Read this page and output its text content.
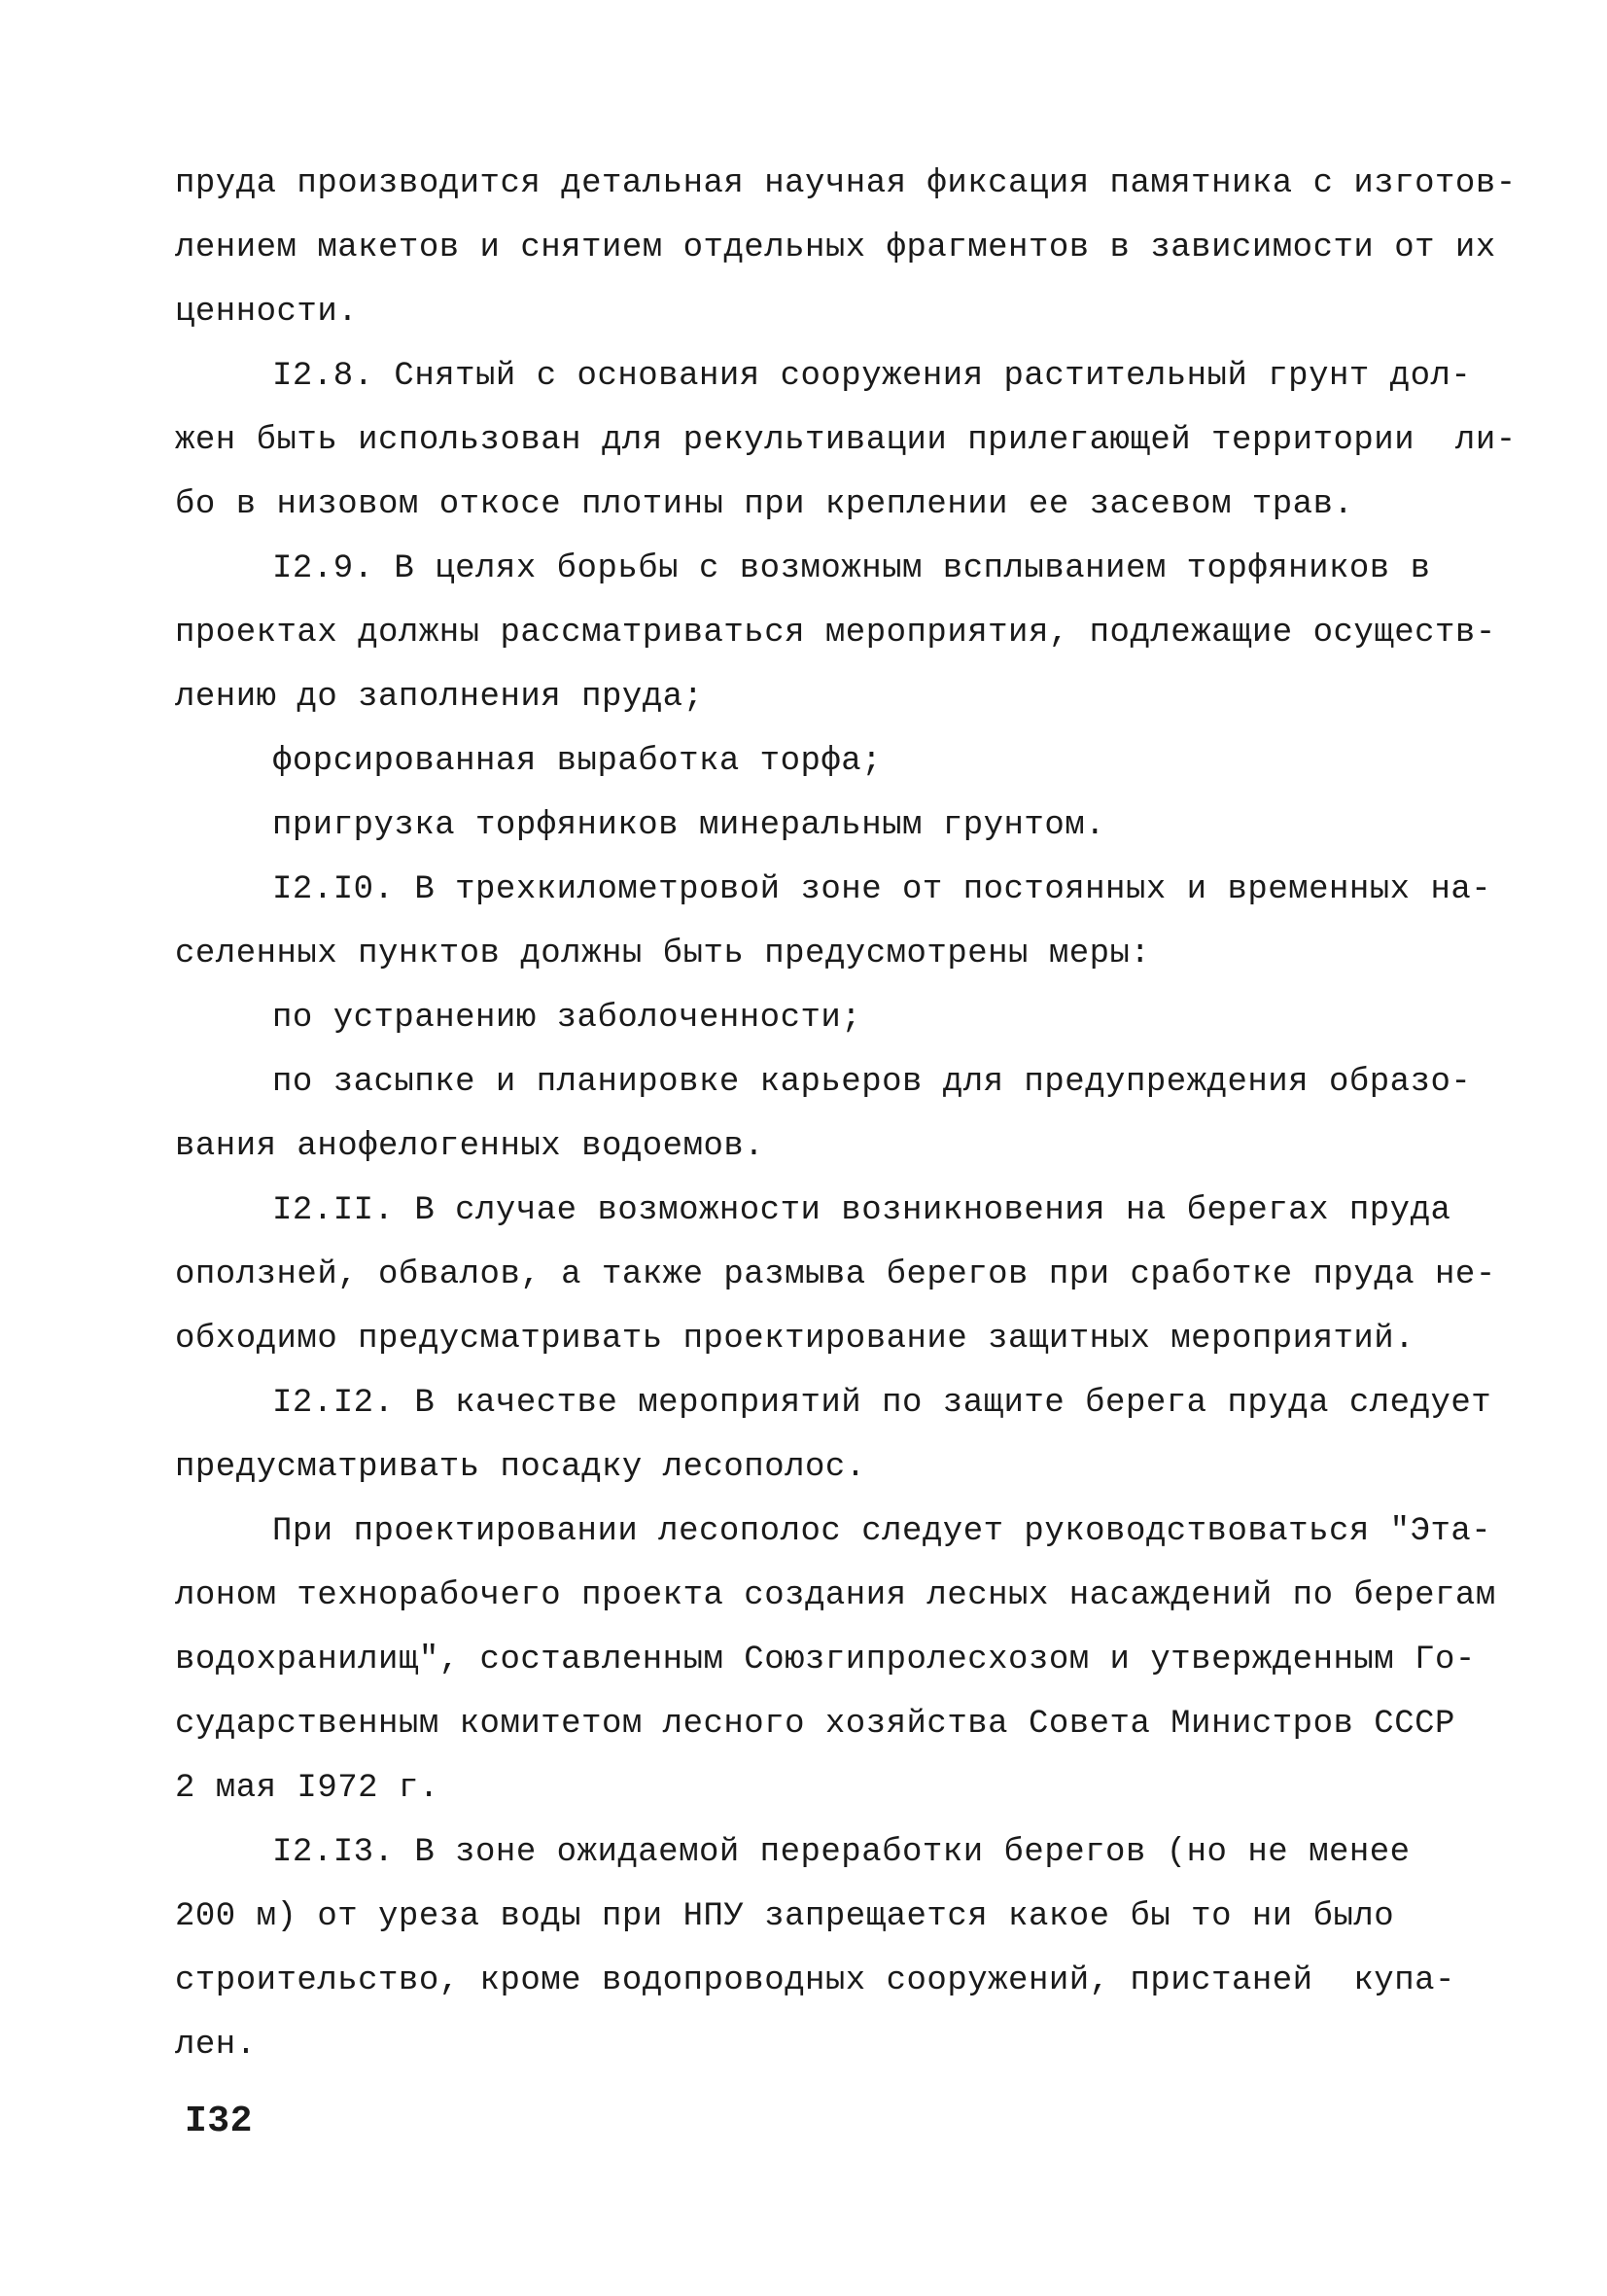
пруда производится детальная научная фиксация памятника с изготов-

лением макетов и снятием отдельных фрагментов в зависимости от их

ценности.

I2.8. Снятый с основания сооружения растительный грунт дол-

жен быть использован для рекультивации прилегающей территории  ли-

бо в низовом откосе плотины при креплении ее засевом трав.

I2.9. В целях борьбы с возможным всплыванием торфяников в

проектах должны рассматриваться мероприятия, подлежащие осуществ-

лению до заполнения пруда;

форсированная выработка торфа;

пригрузка торфяников минеральным грунтом.

I2.I0. В трехкилометровой зоне от постоянных и временных на-

селенных пунктов должны быть предусмотрены меры:

по устранению заболоченности;

по засыпке и планировке карьеров для предупреждения образо-

вания анофелогенных водоемов.

I2.II. В случае возможности возникновения на берегах пруда

оползней, обвалов, а также размыва берегов при сработке пруда не-

обходимо предусматривать проектирование защитных мероприятий.

I2.I2. В качестве мероприятий по защите берега пруда следует

предусматривать посадку лесополос.

При проектировании лесополос следует руководствоваться "Эта-

лоном технорабочего проекта создания лесных насаждений по берегам

водохранилищ", составленным Союзгипролесхозом и утвержденным Го-

сударственным комитетом лесного хозяйства Совета Министров СССР

2 мая I972 г.

I2.I3. В зоне ожидаемой переработки берегов (но не менее

200 м) от уреза воды при НПУ запрещается какое бы то ни было

строительство, кроме водопроводных сооружений, пристаней  купа-

лен.

I32
